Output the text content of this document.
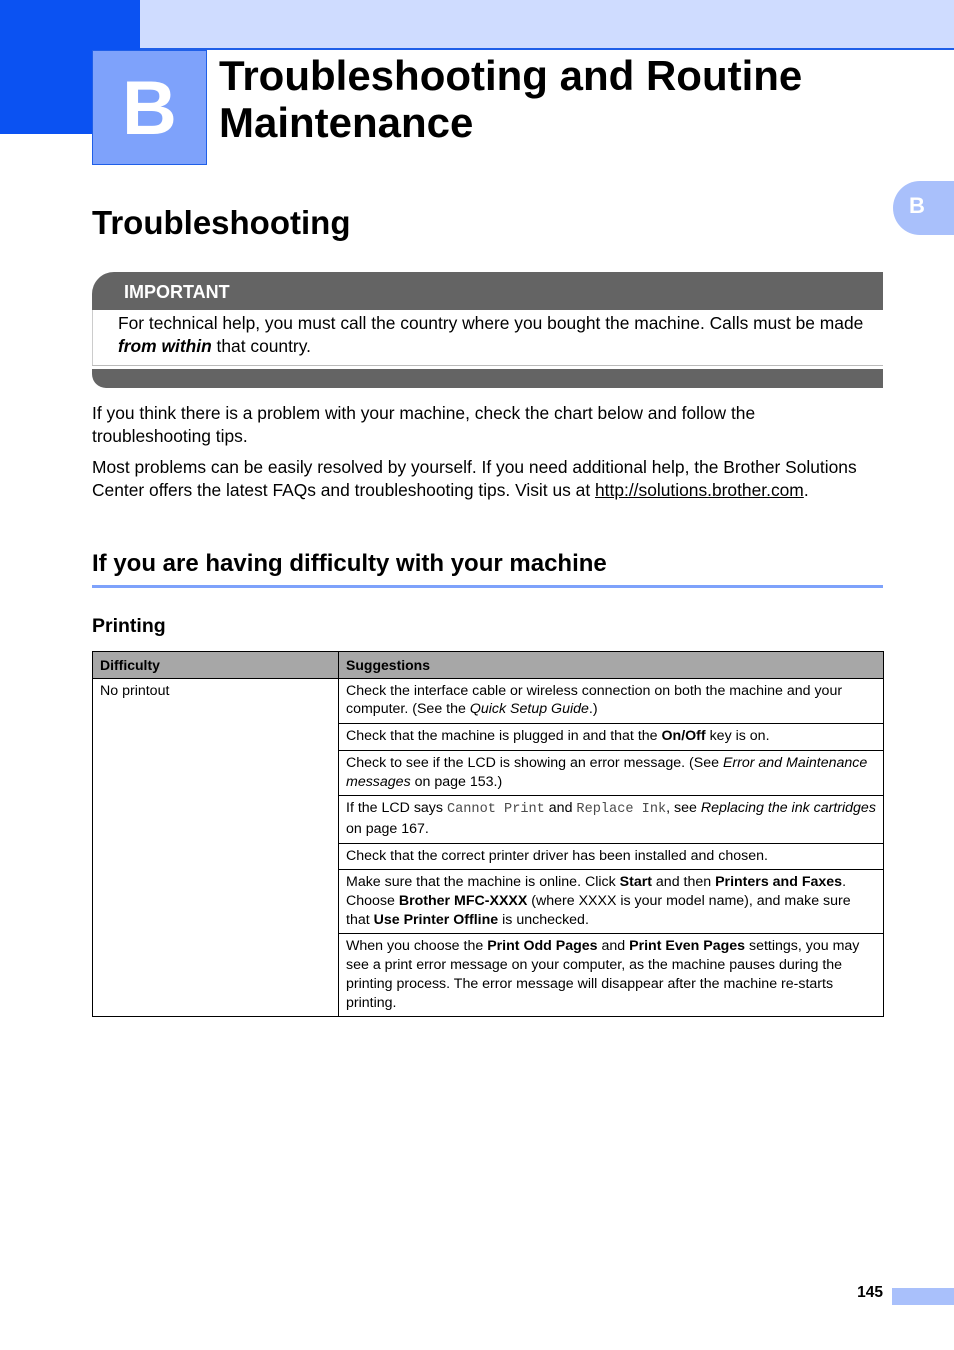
B	Troubleshooting and Routine Maintenance
B
Troubleshooting
IMPORTANT
For technical help, you must call the country where you bought the machine. Calls must be made from within that country.

If you think there is a problem with your machine, check the chart below and follow the troubleshooting tips.

Most problems can be easily resolved by yourself. If you need additional help, the Brother Solutions Center offers the latest FAQs and troubleshooting tips. Visit us at http://solutions.brother.com.

If you are having difficulty with your machine
Printing
Difficulty	Suggestions
No printout	Check the interface cable or wireless connection on both the machine and your computer. (See the Quick Setup Guide.)
	Check that the machine is plugged in and that the On/Off key is on.
	Check to see if the LCD is showing an error message. (See Error and Maintenance messages on page 153.)
	If the LCD says Cannot Print and Replace Ink, see Replacing the ink cartridges on page 167.
	Check that the correct printer driver has been installed and chosen.
	Make sure that the machine is online. Click Start and then Printers and Faxes. Choose Brother MFC-XXXX (where XXXX is your model name), and make sure that Use Printer Offline is unchecked.
	When you choose the Print Odd Pages and Print Even Pages settings, you may see a print error message on your computer, as the machine pauses during the printing process. The error message will disappear after the machine re-starts printing.
145
